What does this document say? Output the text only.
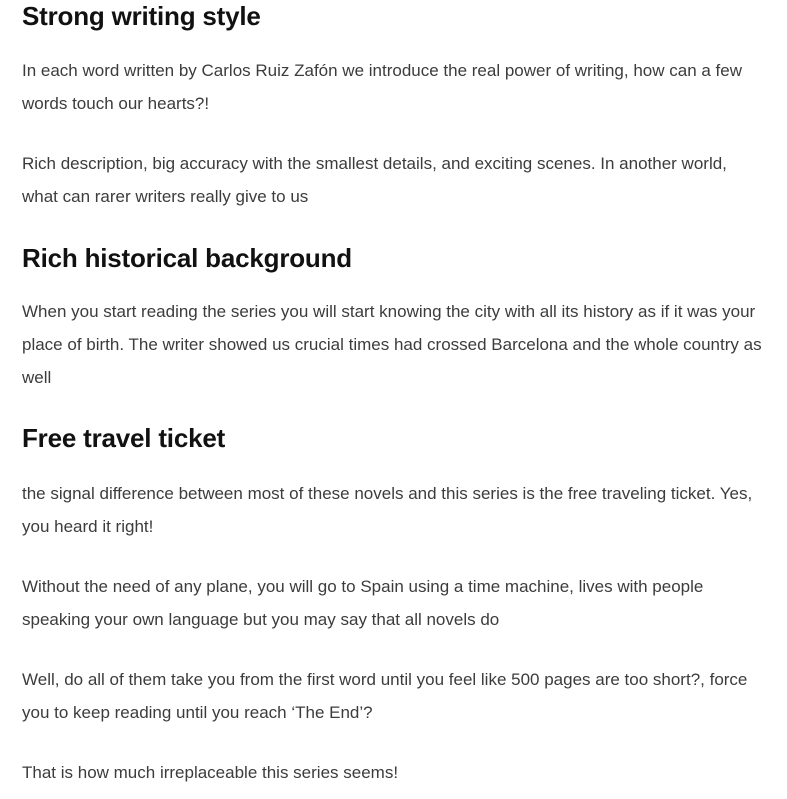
Strong writing style

In each word written by Carlos Ruiz Zafón we introduce the real power of writing, how can a few words touch our hearts?!

Rich description, big accuracy with the smallest details, and exciting scenes. In another world, what can rarer writers really give to us

Rich historical background

When you start reading the series you will start knowing the city with all its history as if it was your place of birth. The writer showed us crucial times had crossed Barcelona and the whole country as well

Free travel ticket

the signal difference between most of these novels and this series is the free traveling ticket. Yes, you heard it right!

Without the need of any plane, you will go to Spain using a time machine, lives with people speaking your own language but you may say that all novels do

Well, do all of them take you from the first word until you feel like 500 pages are too short?, force you to keep reading until you reach ‘The End’?

That is how much irreplaceable this series seems!
